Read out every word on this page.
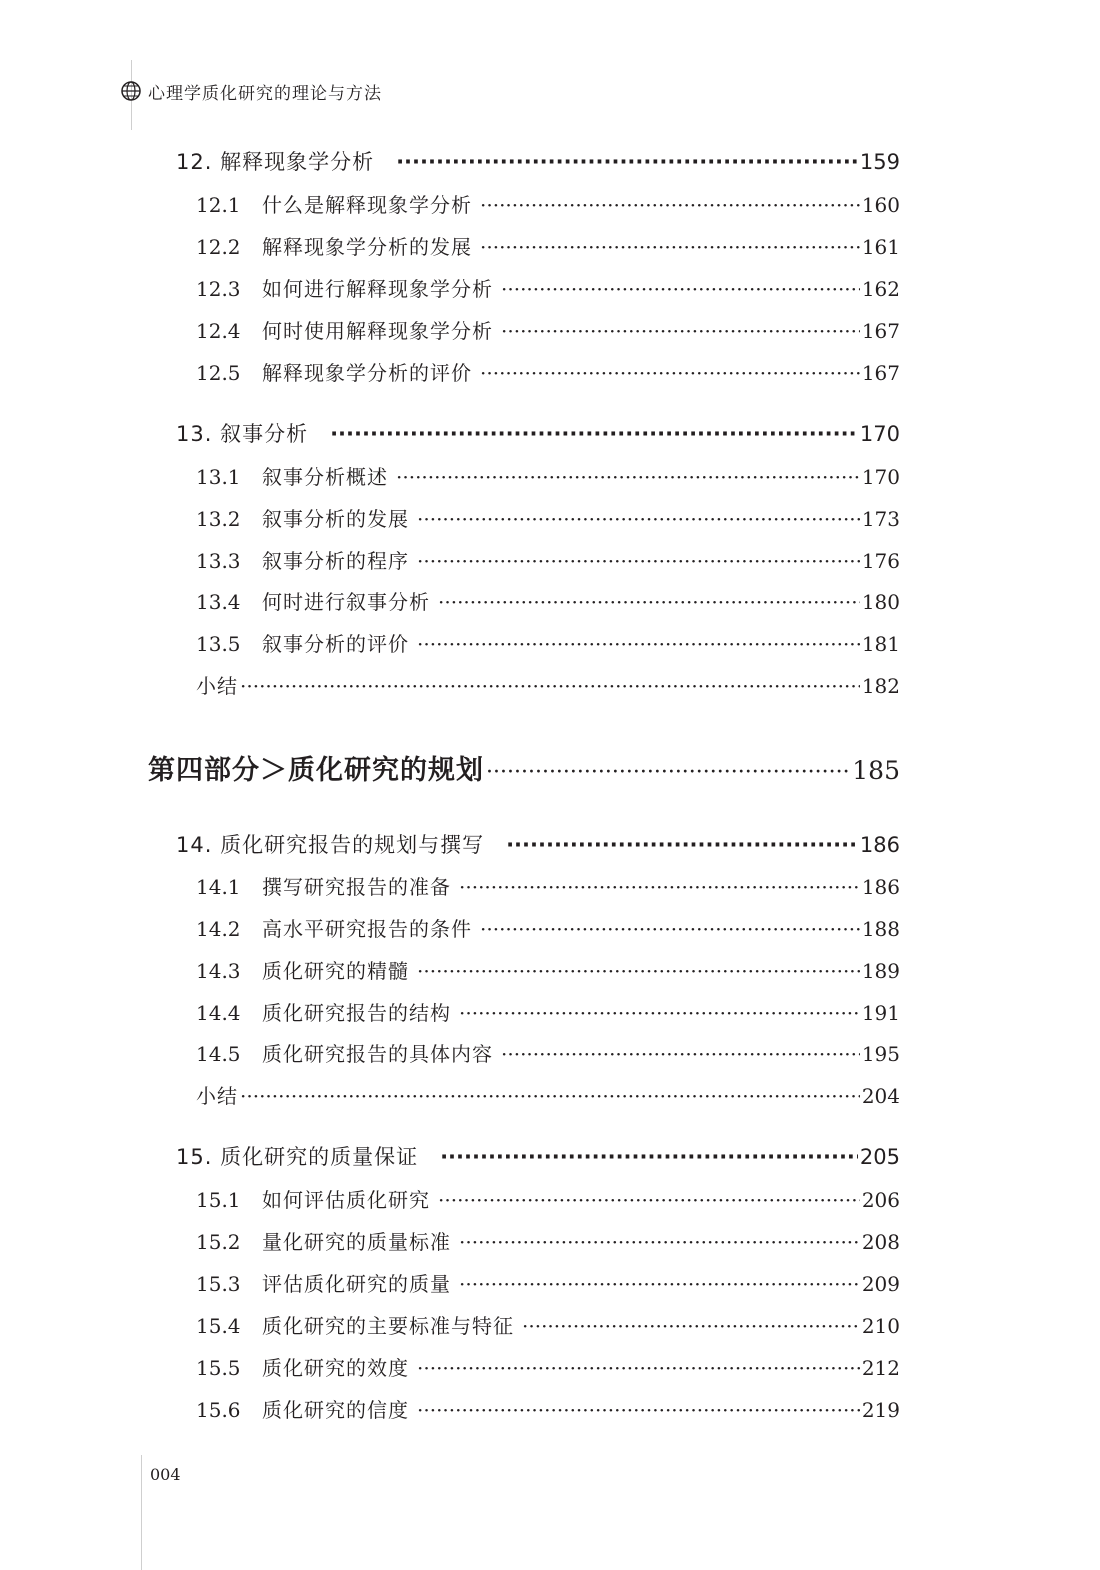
心理学质化研究的理论与方法
12. 解释现象学分析 ·····	159
12.1	什么是解释现象学分析 ·····	160
12.2	解释现象学分析的发展 ·····	161
12.3	如何进行解释现象学分析 ·····	162
12.4	何时使用解释现象学分析 ·····	167
12.5	解释现象学分析的评价 ·····	167
13. 叙事分析 ·····	170
13.1	叙事分析概述 ·····	170
13.2	叙事分析的发展 ·····	173
13.3	叙事分析的程序 ·····	176
13.4	何时进行叙事分析 ·····	180
13.5	叙事分析的评价 ·····	181
小结 ·····	182
第四部分＞质化研究的规划 ·····	185
14. 质化研究报告的规划与撰写 ·····	186
14.1	撰写研究报告的准备 ·····	186
14.2	高水平研究报告的条件 ·····	188
14.3	质化研究的精髓 ·····	189
14.4	质化研究报告的结构 ·····	191
14.5	质化研究报告的具体内容 ·····	195
小结 ·····	204
15. 质化研究的质量保证 ·····	205
15.1	如何评估质化研究 ·····	206
15.2	量化研究的质量标准 ·····	208
15.3	评估质化研究的质量 ·····	209
15.4	质化研究的主要标准与特征 ·····	210
15.5	质化研究的效度 ·····	212
15.6	质化研究的信度 ·····	219
004
